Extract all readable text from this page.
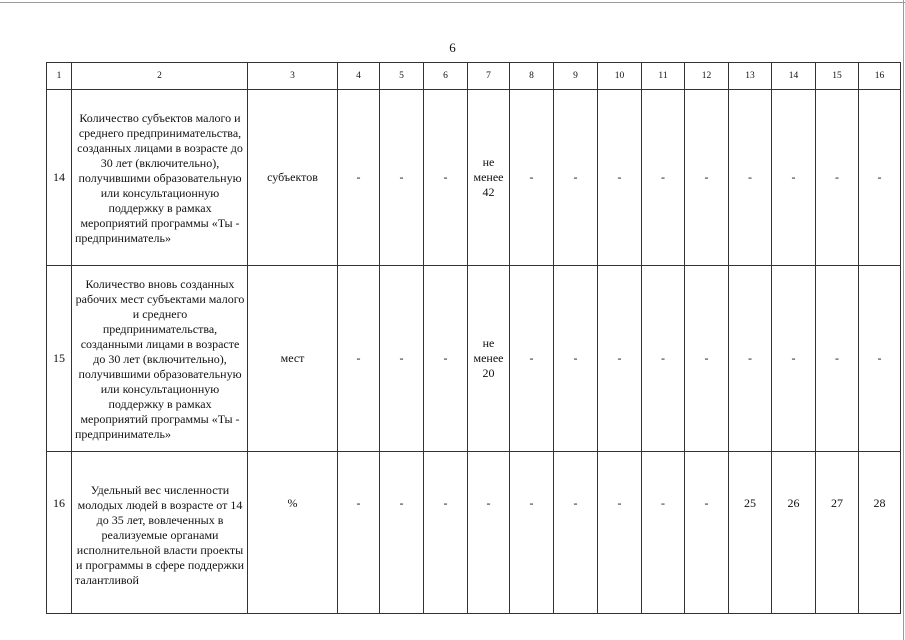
6
1	2	3	4	5	6	7	8	9	10	11	12	13	14	15	16
14	Количество субъектов малого и среднего предпринимательства, созданных лицами в возрасте до 30 лет (включительно), получившими образовательную или консультационную поддержку в рамках мероприятий программы «Ты - предприниматель»	субъектов	-	-	-	не менее 42	-	-	-	-	-	-	-	-	-
15	Количество вновь созданных рабочих мест субъектами малого и среднего предпринимательства, созданными лицами в возрасте до 30 лет (включительно), получившими образовательную или консультационную поддержку в рамках мероприятий программы «Ты - предприниматель»	мест	-	-	-	не менее 20	-	-	-	-	-	-	-	-	-
16	Удельный вес численности молодых людей в возрасте от 14 до 35 лет, вовлеченных в реализуемые органами исполнительной власти проекты и программы в сфере поддержки талантливой	%	-	-	-	-	-	-	-	-	-	25	26	27	28
